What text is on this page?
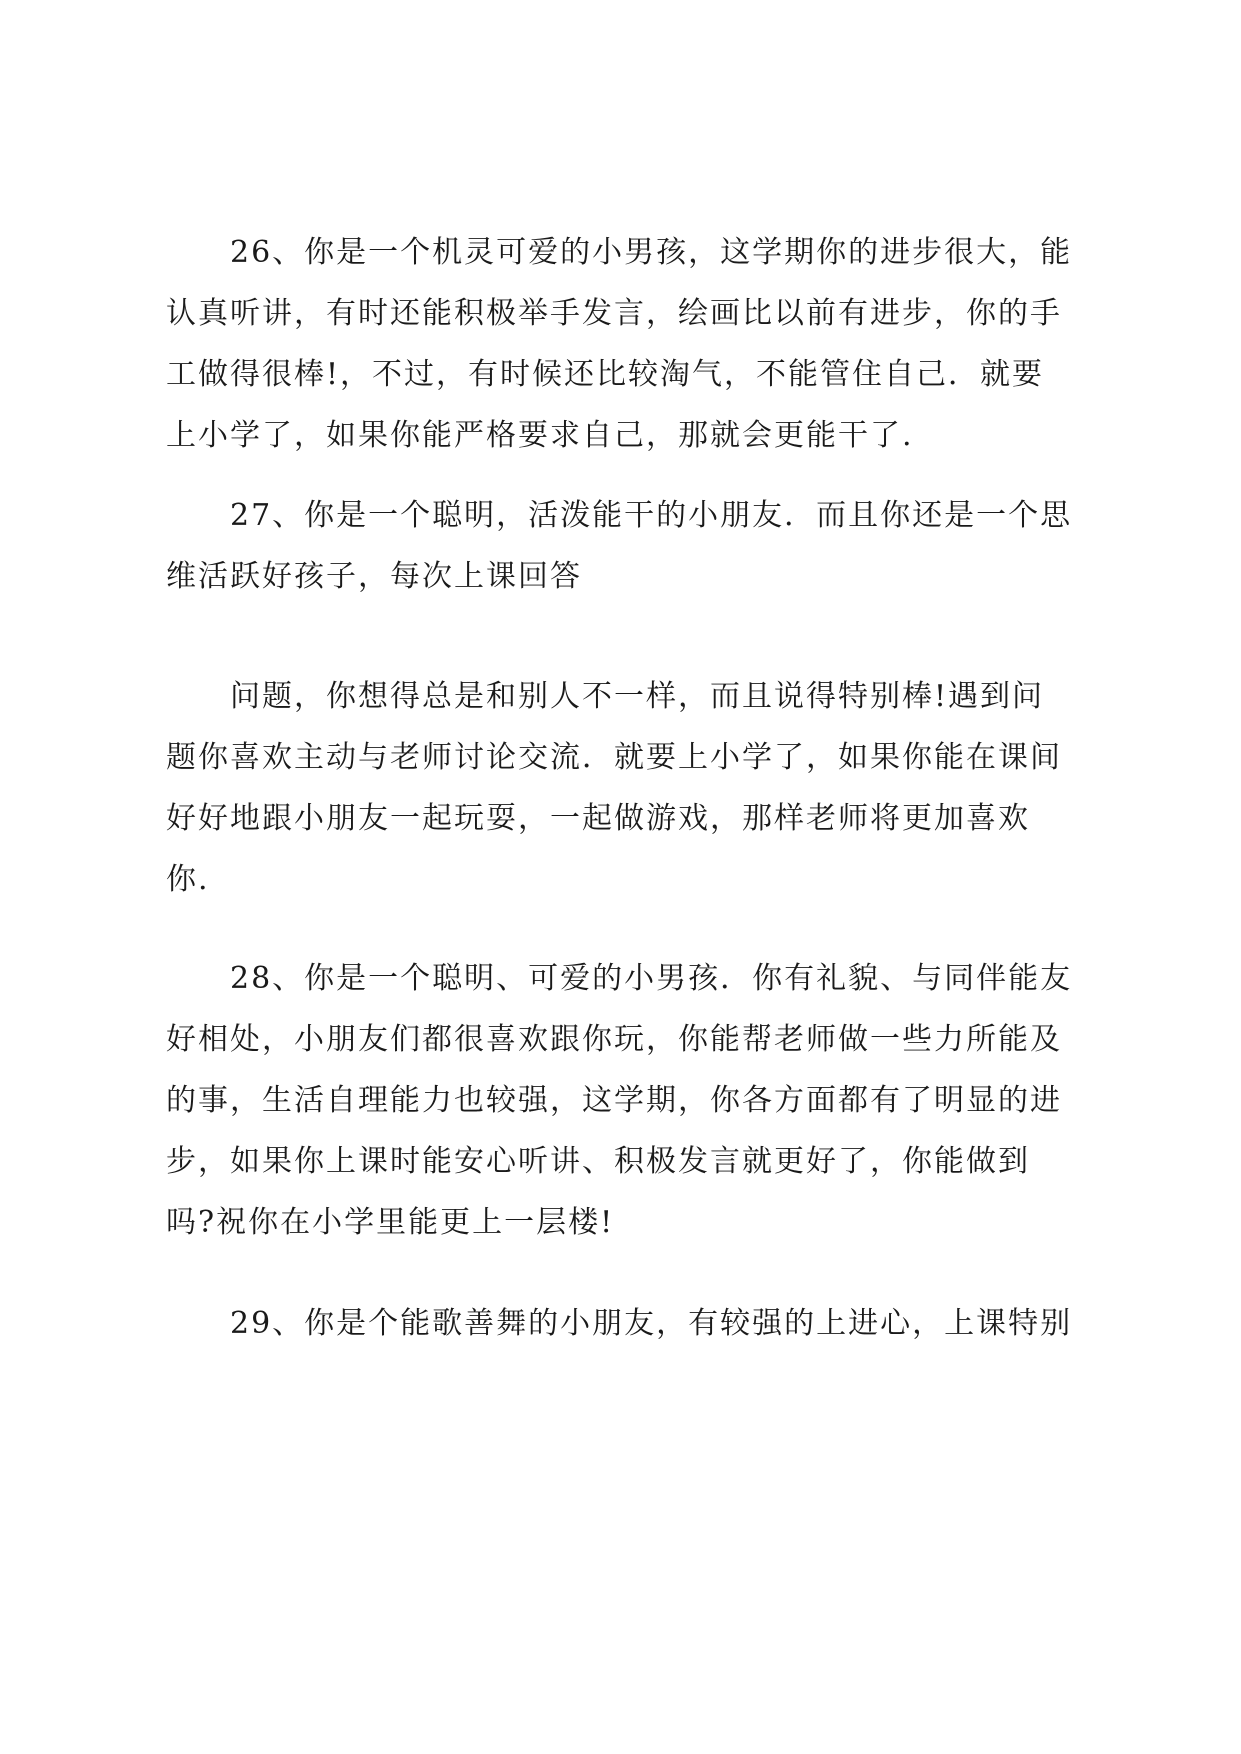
26、你是一个机灵可爱的小男孩，这学期你的进步很大，能
认真听讲，有时还能积极举手发言，绘画比以前有进步，你的手
工做得很棒!，不过，有时候还比较淘气，不能管住自己．就要
上小学了，如果你能严格要求自己，那就会更能干了.
27、你是一个聪明，活泼能干的小朋友．而且你还是一个思
维活跃好孩子，每次上课回答
问题，你想得总是和别人不一样，而且说得特别棒!遇到问
题你喜欢主动与老师讨论交流．就要上小学了，如果你能在课间
好好地跟小朋友一起玩耍，一起做游戏，那样老师将更加喜欢
你.
28、你是一个聪明、可爱的小男孩．你有礼貌、与同伴能友
好相处，小朋友们都很喜欢跟你玩，你能帮老师做一些力所能及
的事，生活自理能力也较强，这学期，你各方面都有了明显的进
步，如果你上课时能安心听讲、积极发言就更好了，你能做到
吗?祝你在小学里能更上一层楼!
29、你是个能歌善舞的小朋友，有较强的上进心，上课特别
